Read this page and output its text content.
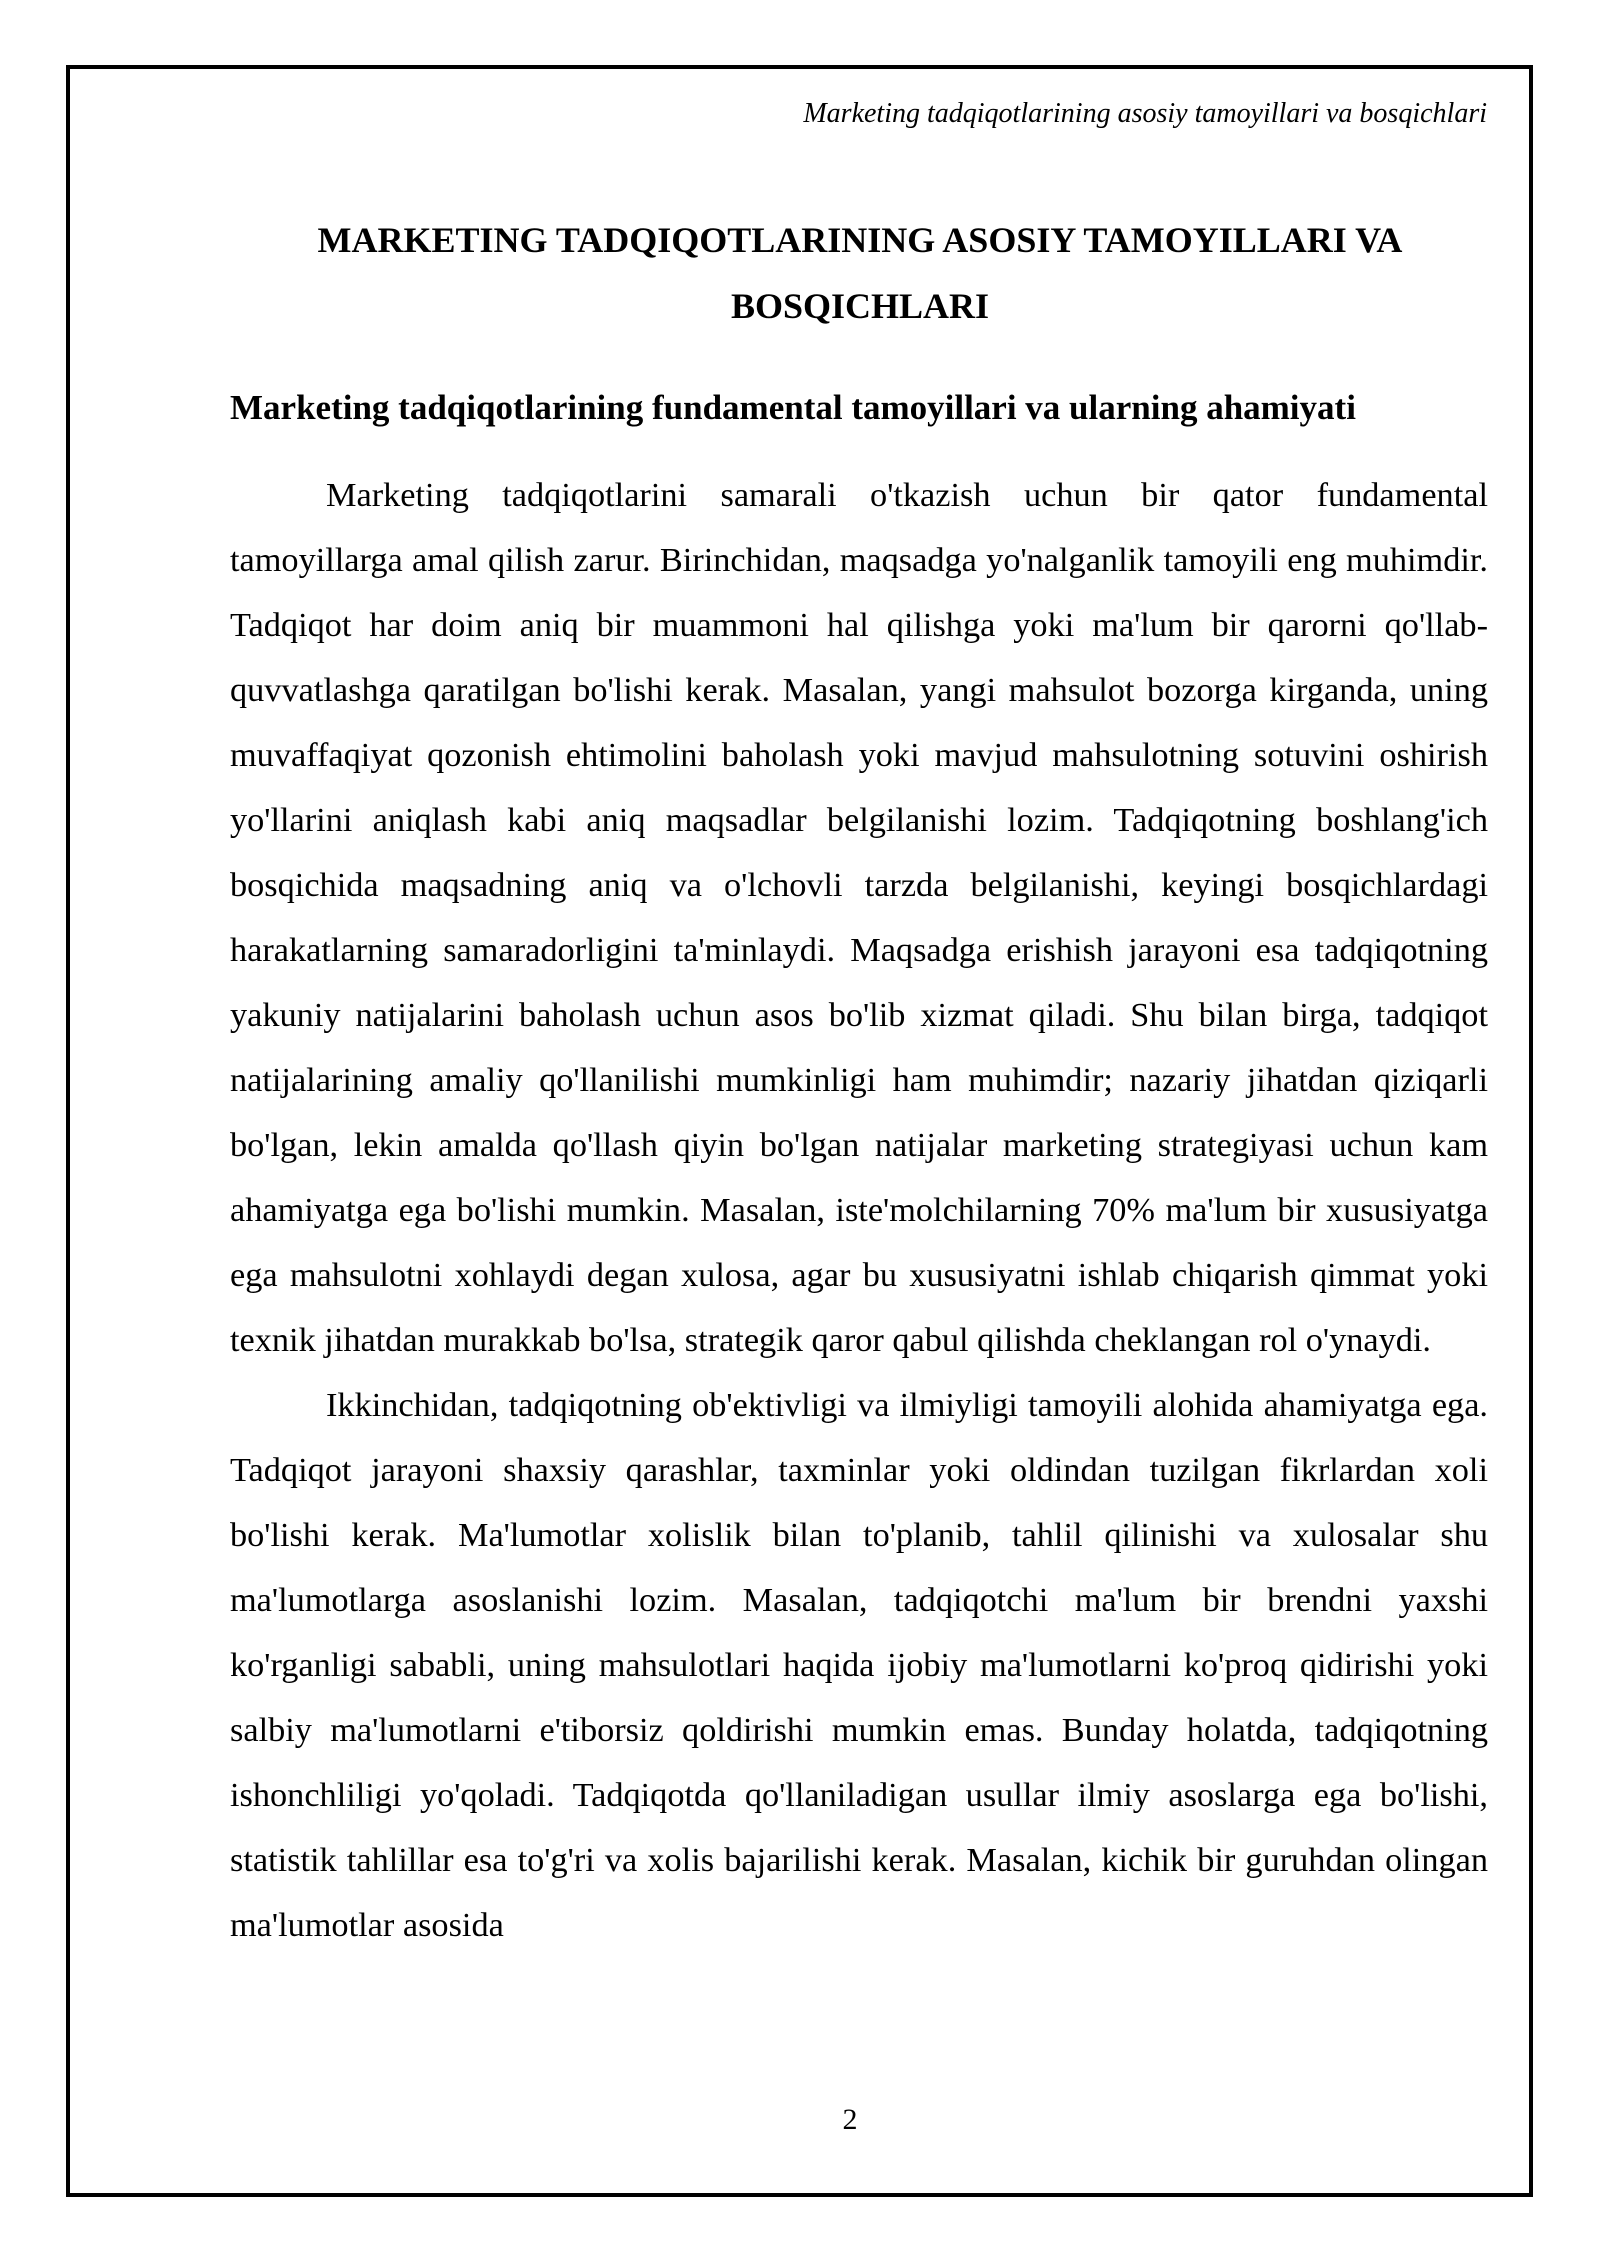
Marketing tadqiqotlarining asosiy tamoyillari va bosqichlari
MARKETING TADQIQOTLARINING ASOSIY TAMOYILLARI VA BOSQICHLARI
Marketing tadqiqotlarining fundamental tamoyillari va ularning ahamiyati

Marketing tadqiqotlarini samarali o'tkazish uchun bir qator fundamental tamoyillarga amal qilish zarur. Birinchidan, maqsadga yo'nalganlik tamoyili eng muhimdir. Tadqiqot har doim aniq bir muammoni hal qilishga yoki ma'lum bir qarorni qo'llab-quvvatlashga qaratilgan bo'lishi kerak. Masalan, yangi mahsulot bozorga kirganda, uning muvaffaqiyat qozonish ehtimolini baholash yoki mavjud mahsulotning sotuvini oshirish yo'llarini aniqlash kabi aniq maqsadlar belgilanishi lozim. Tadqiqotning boshlang'ich bosqichida maqsadning aniq va o'lchovli tarzda belgilanishi, keyingi bosqichlardagi harakatlarning samaradorligini ta'minlaydi. Maqsadga erishish jarayoni esa tadqiqotning yakuniy natijalarini baholash uchun asos bo'lib xizmat qiladi. Shu bilan birga, tadqiqot natijalarining amaliy qo'llanilishi mumkinligi ham muhimdir; nazariy jihatdan qiziqarli bo'lgan, lekin amalda qo'llash qiyin bo'lgan natijalar marketing strategiyasi uchun kam ahamiyatga ega bo'lishi mumkin. Masalan, iste'molchilarning 70% ma'lum bir xususiyatga ega mahsulotni xohlaydi degan xulosa, agar bu xususiyatni ishlab chiqarish qimmat yoki texnik jihatdan murakkab bo'lsa, strategik qaror qabul qilishda cheklangan rol o'ynaydi.

Ikkinchidan, tadqiqotning ob'ektivligi va ilmiyligi tamoyili alohida ahamiyatga ega. Tadqiqot jarayoni shaxsiy qarashlar, taxminlar yoki oldindan tuzilgan fikrlardan xoli bo'lishi kerak. Ma'lumotlar xolislik bilan to'planib, tahlil qilinishi va xulosalar shu ma'lumotlarga asoslanishi lozim. Masalan, tadqiqotchi ma'lum bir brendni yaxshi ko'rganligi sababli, uning mahsulotlari haqida ijobiy ma'lumotlarni ko'proq qidirishi yoki salbiy ma'lumotlarni e'tiborsiz qoldirishi mumkin emas. Bunday holatda, tadqiqotning ishonchliligi yo'qoladi. Tadqiqotda qo'llaniladigan usullar ilmiy asoslarga ega bo'lishi, statistik tahlillar esa to'g'ri va xolis bajarilishi kerak. Masalan, kichik bir guruhdan olingan ma'lumotlar asosida

2
